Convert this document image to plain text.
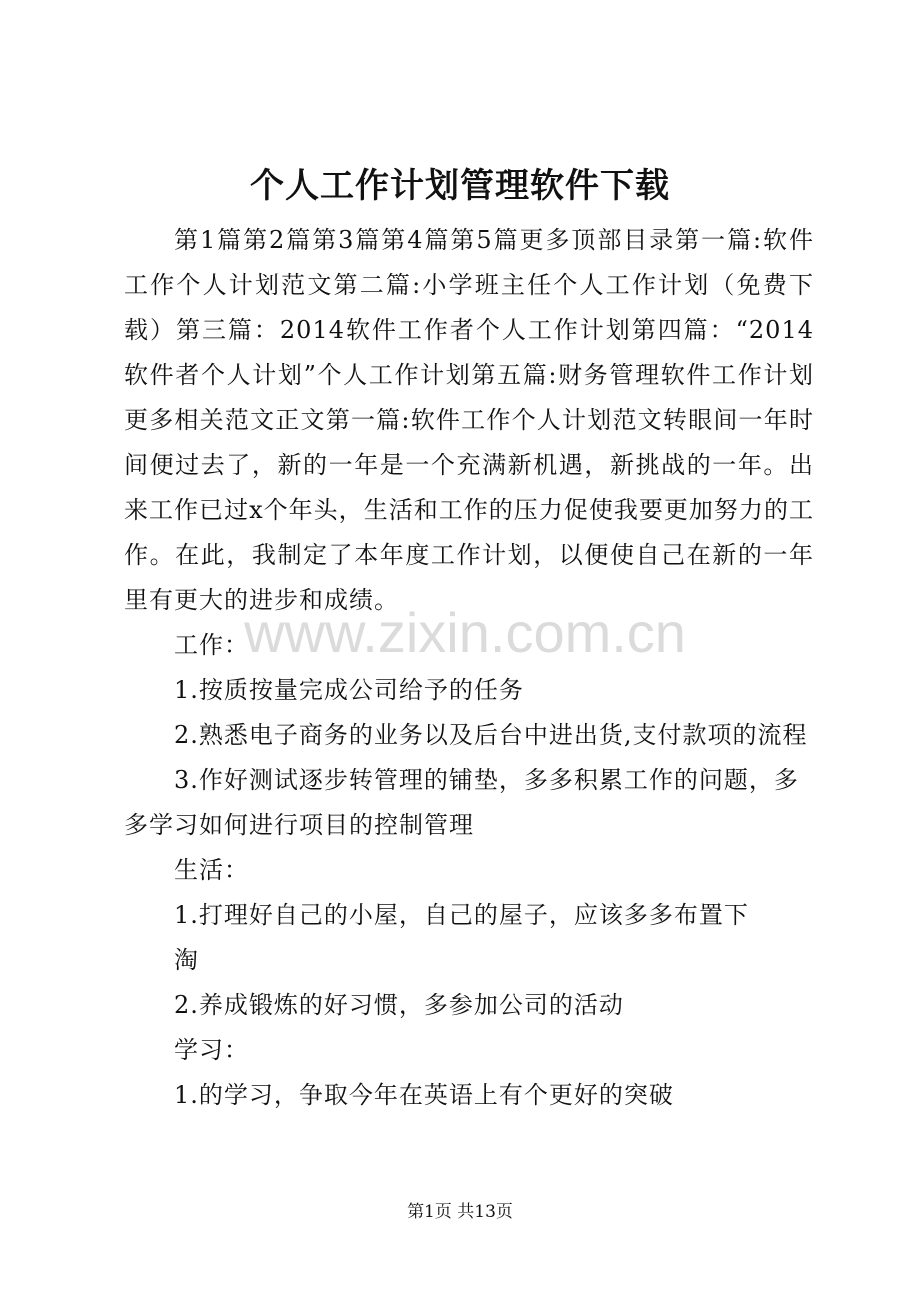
个人工作计划管理软件下载

第1篇第2篇第3篇第4篇第5篇更多顶部目录第一篇:软件工作个人计划范文第二篇:小学班主任个人工作计划（免费下载）第三篇：2014软件工作者个人工作计划第四篇：“2014软件者个人计划”个人工作计划第五篇:财务管理软件工作计划更多相关范文正文第一篇:软件工作个人计划范文转眼间一年时间便过去了，新的一年是一个充满新机遇，新挑战的一年。出来工作已过x个年头，生活和工作的压力促使我要更加努力的工作。在此，我制定了本年度工作计划，以便使自己在新的一年里有更大的进步和成绩。

工作：

1.按质按量完成公司给予的任务

2.熟悉电子商务的业务以及后台中进出货,支付款项的流程

3.作好测试逐步转管理的铺垫，多多积累工作的问题，多多学习如何进行项目的控制管理

生活：

1.打理好自己的小屋，自己的屋子，应该多多布置下

淘

2.养成锻炼的好习惯，多参加公司的活动

学习：

1.的学习，争取今年在英语上有个更好的突破

www.zixin.com.cn
第1页 共13页
